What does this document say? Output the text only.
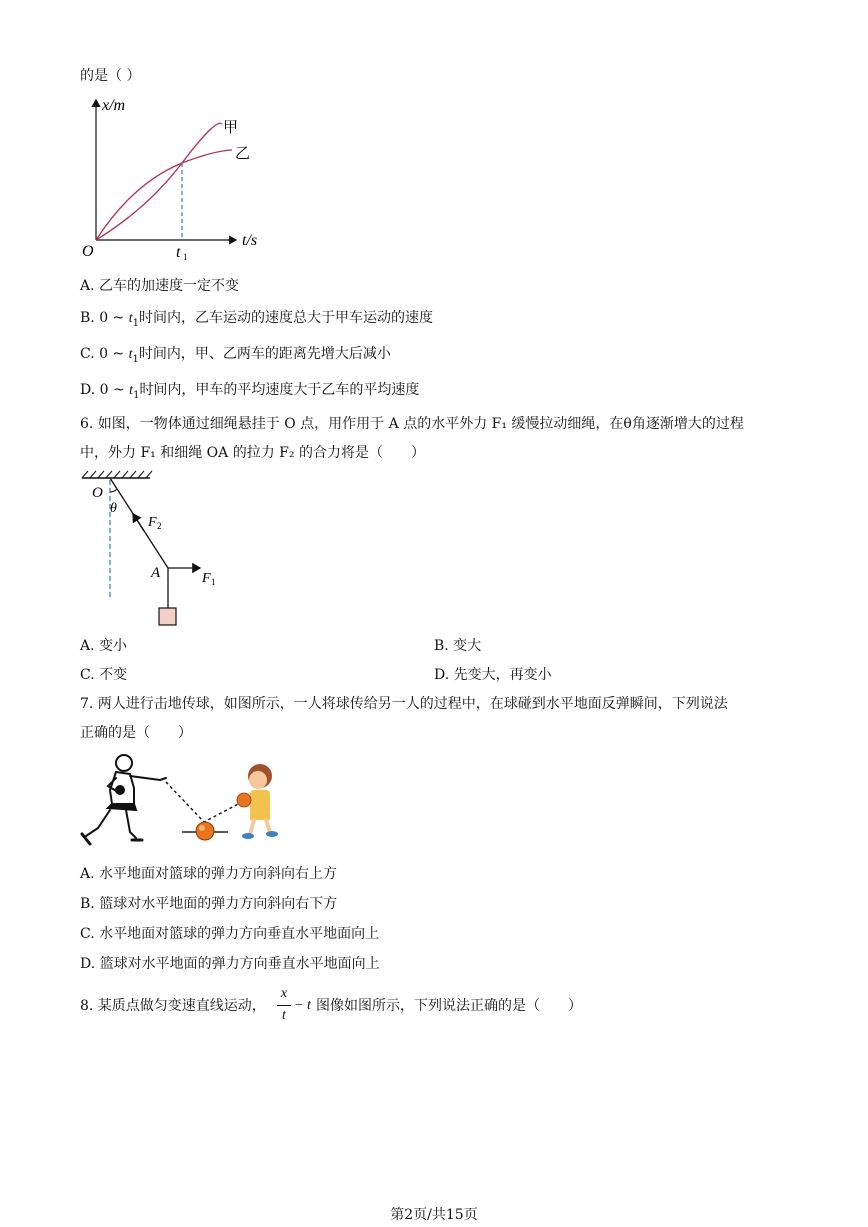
的是（ ）
x/m
t/s
O	t 1
甲
乙
A. 乙车的加速度一定不变
B. 0 ~ $t_1$时间内，乙车运动的速度总大于甲车运动的速度
C. 0 ~ $t_1$时间内，甲、乙两车的距离先增大后减小
D. 0 ~ $t_1$时间内，甲车的平均速度大于乙车的平均速度
6. 如图，一物体通过细绳悬挂于 O 点，用作用于 A 点的水平外力 F₁ 缓慢拉动细绳，在θ角逐渐增大的过程
中，外力 F₁ 和细绳 OA 的拉力 F₂ 的合力将是（　　）
O
θ
F 2
A	F 1
A. 变小	B. 变大
C. 不变	D. 先变大，再变小
7. 两人进行击地传球，如图所示，一人将球传给另一人的过程中，在球碰到水平地面反弹瞬间，下列说法
正确的是（　　）
A. 水平地面对篮球的弹力方向斜向右上方
B. 篮球对水平地面的弹力方向斜向右下方
C. 水平地面对篮球的弹力方向垂直水平地面向上
D. 篮球对水平地面的弹力方向垂直水平地面向上
8. 某质点做匀变速直线运动，
x
t
− t 图像如图所示，下列说法正确的是（　　）
第2页/共15页
